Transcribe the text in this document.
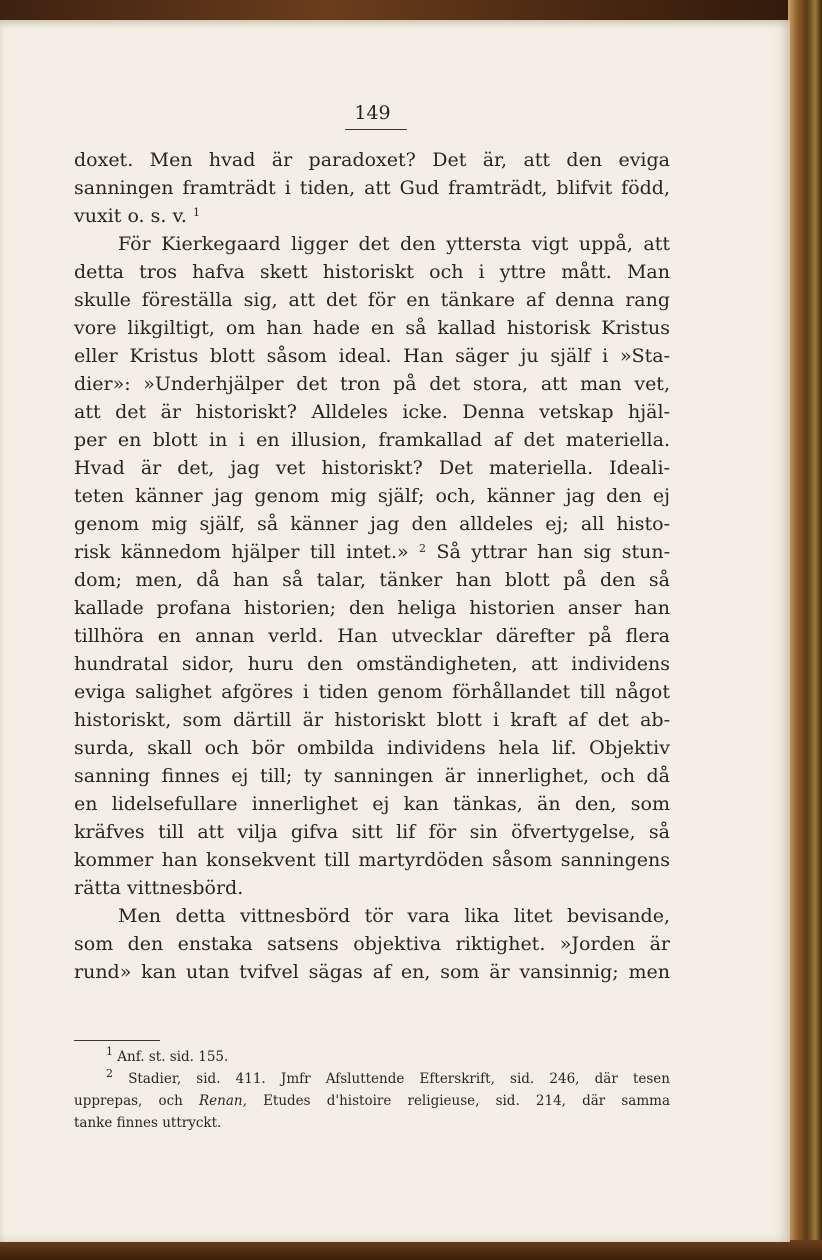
149
doxet. Men hvad är paradoxet? Det är, att den eviga
sanningen framträdt i tiden, att Gud framträdt, blifvit född,
vuxit o. s. v. $^1$
För Kierkegaard ligger det den yttersta vigt uppå, att
detta tros hafva skett historiskt och i yttre mått. Man
skulle föreställa sig, att det för en tänkare af denna rang
vore likgiltigt, om han hade en så kallad historisk Kristus
eller Kristus blott såsom ideal. Han säger ju själf i »Sta-
dier»: »Underhjälper det tron på det stora, att man vet,
att det är historiskt? Alldeles icke. Denna vetskap hjäl-
per en blott in i en illusion, framkallad af det materiella.
Hvad är det, jag vet historiskt? Det materiella. Ideali-
teten känner jag genom mig själf; och, känner jag den ej
genom mig själf, så känner jag den alldeles ej; all histo-
risk kännedom hjälper till intet.» $^2$ Så yttrar han sig stun-
dom; men, då han så talar, tänker han blott på den så
kallade profana historien; den heliga historien anser han
tillhöra en annan verld. Han utvecklar därefter på flera
hundratal sidor, huru den omständigheten, att individens
eviga salighet afgöres i tiden genom förhållandet till något
historiskt, som därtill är historiskt blott i kraft af det ab-
surda, skall och bör ombilda individens hela lif. Objektiv
sanning finnes ej till; ty sanningen är innerlighet, och då
en lidelsefullare innerlighet ej kan tänkas, än den, som
kräfves till att vilja gifva sitt lif för sin öfvertygelse, så
kommer han konsekvent till martyrdöden såsom sanningens
rätta vittnesbörd.
Men detta vittnesbörd tör vara lika litet bevisande,
som den enstaka satsens objektiva riktighet. »Jorden är
rund» kan utan tvifvel sägas af en, som är vansinnig; men
$^1$ Anf. st. sid. 155.
$^2$ Stadier, sid. 411. Jmfr Afsluttende Efterskrift, sid. 246, där tesen
upprepas, och Renan, Etudes d'histoire religieuse, sid. 214, där samma
tanke finnes uttryckt.
